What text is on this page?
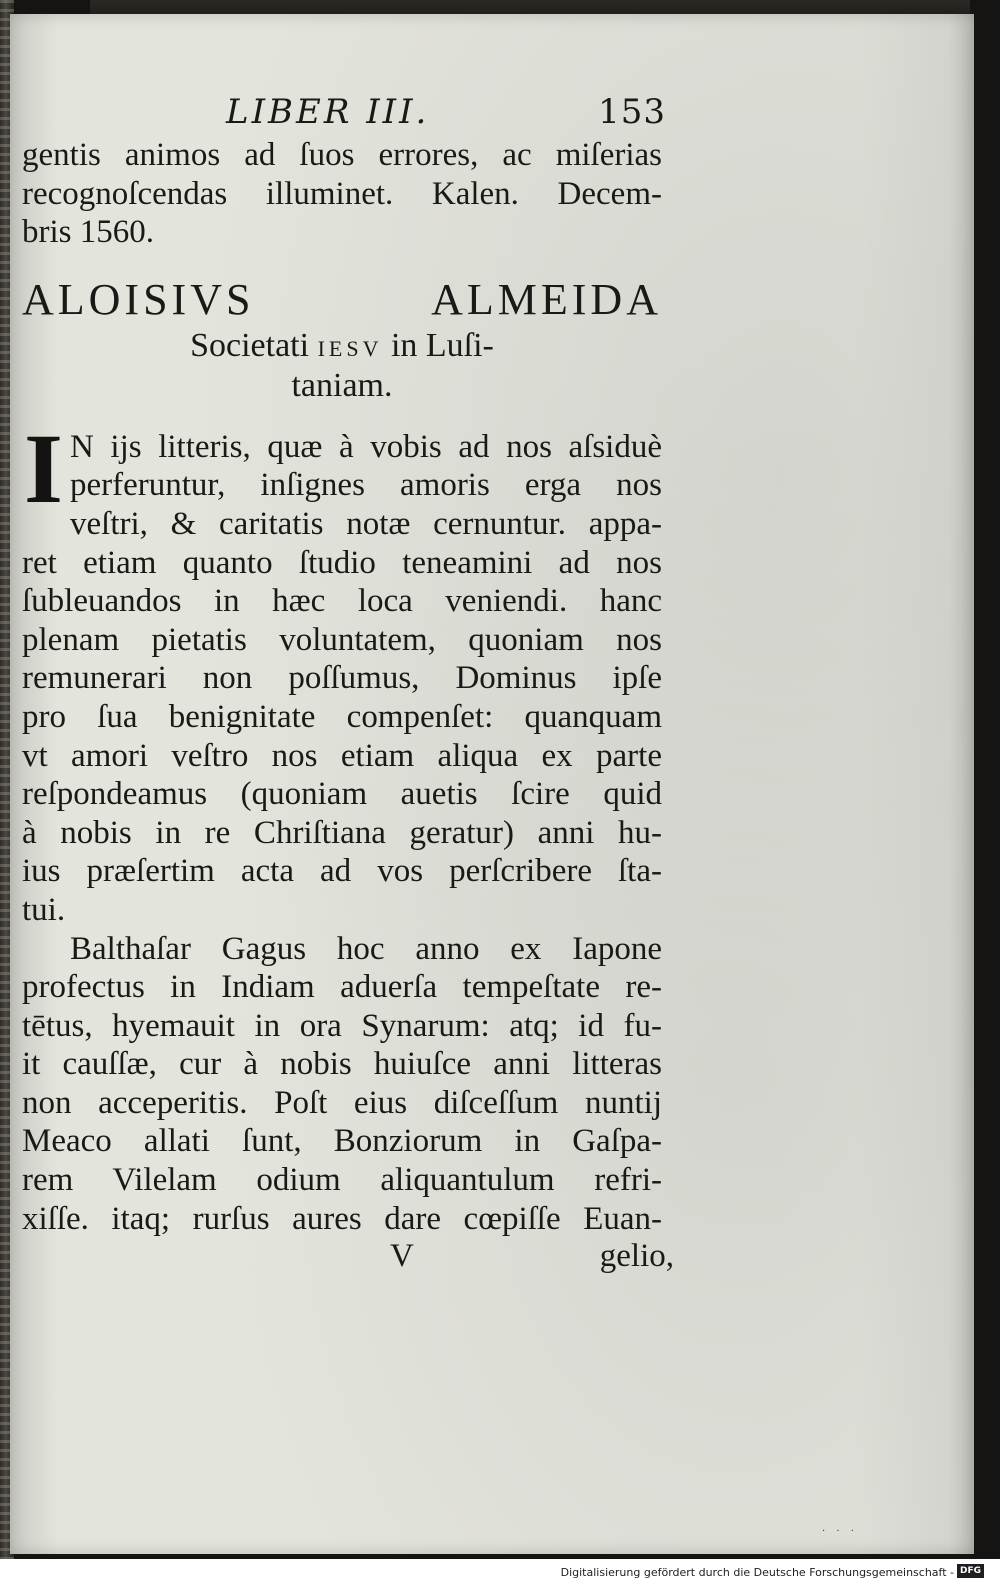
LIBER III.	153
gentis animos ad ſuos errores, ac miſerias
recognoſcendas illuminet. Kalen. Decem-
bris 1560.
ALOISIVS ALMEIDA
Societati IESV in Luſi-
taniam.
I N ijs litteris, quæ à vobis ad nos aſsiduè
perferuntur, inſignes amoris erga nos
veſtri, & caritatis notæ cernuntur. appa-
ret etiam quanto ſtudio teneamini ad nos
ſubleuandos in hæc loca veniendi. hanc
plenam pietatis voluntatem, quoniam nos
remunerari non poſſumus, Dominus ipſe
pro ſua benignitate compenſet: quanquam
vt amori veſtro nos etiam aliqua ex parte
reſpondeamus (quoniam auetis ſcire quid
à nobis in re Chriſtiana geratur) anni hu-
ius præſertim acta ad vos perſcribere ſta-
tui.
Balthaſar Gagus hoc anno ex Iapone
profectus in Indiam aduerſa tempeſtate re-
tētus, hyemauit in ora Synarum: atq; id fu-
it cauſſæ, cur à nobis huiuſce anni litteras
non acceperitis. Poſt eius diſceſſum nuntij
Meaco allati ſunt, Bonziorum in Gaſpa-
rem Vilelam odium aliquantulum refri-
xiſſe. itaq; rurſus aures dare cœpiſſe Euan-
V	gelio,
· · ·
Digitalisierung gefördert durch die Deutsche Forschungsgemeinschaft - DFG
